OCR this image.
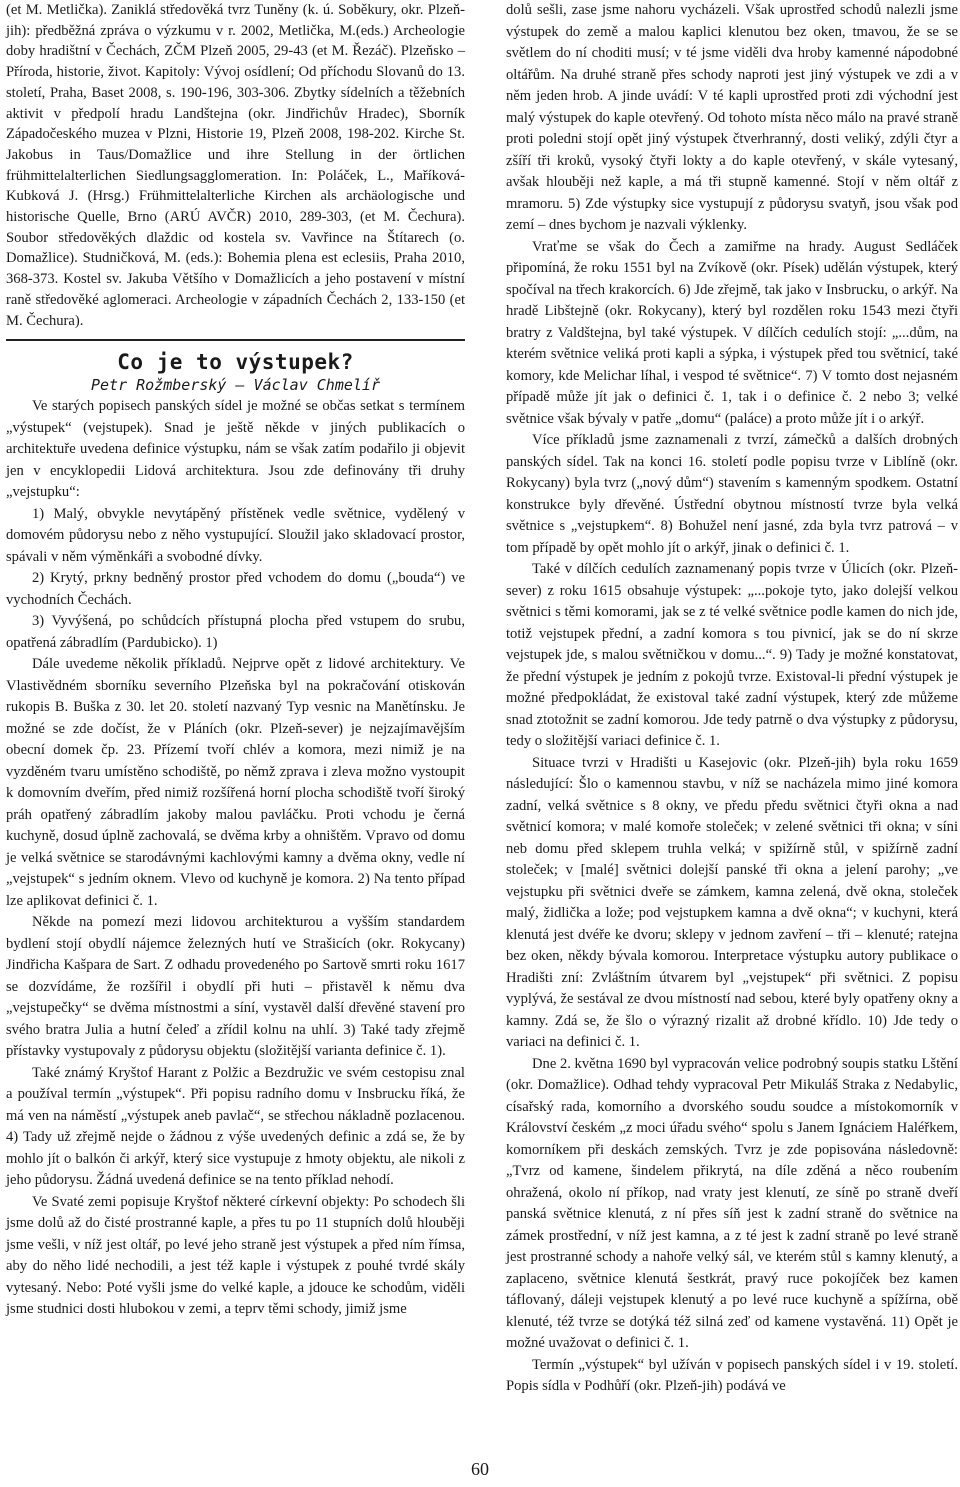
(et M. Metlička). Zaniklá středověká tvrz Tuněny (k. ú. Soběkury, okr. Plzeň-jih): předběžná zpráva o výzkumu v r. 2002, Metlička, M.(eds.) Archeologie doby hradištní v Čechách, ZČM Plzeň 2005, 29-43 (et M. Řezáč). Plzeňsko – Příroda, historie, život. Kapitoly: Vývoj osídlení; Od příchodu Slovanů do 13. století, Praha, Baset 2008, s. 190-196, 303-306. Zbytky sídelních a těžebních aktivit v předpolí hradu Landštejna (okr. Jindřichův Hradec), Sborník Západočeského muzea v Plzni, Historie 19, Plzeň 2008, 198-202. Kirche St. Jakobus in Taus/Domažlice und ihre Stellung in der örtlichen frühmittelalterlichen Siedlungsagglomeration. In: Poláček, L., Maříková-Kubková J. (Hrsg.) Frühmittelalterliche Kirchen als archäologische und historische Quelle, Brno (ARÚ AVČR) 2010, 289-303, (et M. Čechura). Soubor středověkých dlaždic od kostela sv. Vavřince na Štítarech (o. Domažlice). Studničková, M. (eds.): Bohemia plena est eclesiis, Praha 2010, 368-373. Kostel sv. Jakuba Většího v Domažlicích a jeho postavení v místní raně středověké aglomeraci. Archeologie v západních Čechách 2, 133-150 (et M. Čechura).

Co je to výstupek?

Petr Rožmberský – Václav Chmelíř

Ve starých popisech panských sídel je možné se občas setkat s termínem „výstupek“ (vejstupek). Snad je ještě někde v jiných publikacích o architektuře uvedena definice výstupku, nám se však zatím podařilo ji objevit jen v encyklopedii Lidová architektura. Jsou zde definovány tři druhy „vejstupku“:

1) Malý, obvykle nevytápěný přístěnek vedle světnice, vydělený v domovém půdorysu nebo z něho vystupující. Sloužil jako skladovací prostor, spávali v něm výměnkáři a svobodné dívky.

2) Krytý, prkny bedněný prostor před vchodem do domu („bouda“) ve vychodních Čechách.

3) Vyvýšená, po schůdcích přístupná plocha před vstupem do srubu, opatřená zábradlím (Pardubicko). 1)

Dále uvedeme několik příkladů. Nejprve opět z lidové architektury. Ve Vlastivědném sborníku severního Plzeňska byl na pokračování otiskován rukopis B. Buška z 30. let 20. století nazvaný Typ vesnic na Manětínsku. Je možné se zde dočíst, že v Pláních (okr. Plzeň-sever) je nejzajímavějším obecní domek čp. 23. Přízemí tvoří chlév a komora, mezi nimiž je na vyzděném tvaru umístěno schodiště, po němž zprava i zleva možno vystoupit k domovním dveřím, před nimiž rozšířená horní plocha schodiště tvoří široký práh opatřený zábradlím jakoby malou pavláčku. Proti vchodu je černá kuchyně, dosud úplně zachovalá, se dvěma krby a ohništěm. Vpravo od domu je velká světnice se starodávnými kachlovými kamny a dvěma okny, vedle ní „vejstupek“ s jedním oknem. Vlevo od kuchyně je komora. 2) Na tento případ lze aplikovat definici č. 1.

Někde na pomezí mezi lidovou architekturou a vyšším standardem bydlení stojí obydlí nájemce železných hutí ve Strašicích (okr. Rokycany) Jindřicha Kašpara de Sart. Z odhadu provedeného po Sartově smrti roku 1617 se dozvídáme, že rozšířil i obydlí při huti – přistavěl k němu dva „vejstupečky“ se dvěma místnostmi a síní, vystavěl další dřevěné stavení pro svého bratra Julia a hutní čeleď a zřídil kolnu na uhlí. 3) Také tady zřejmě přístavky vystupovaly z půdorysu objektu (složitější varianta definice č. 1).

Také známý Kryštof Harant z Polžic a Bezdružic ve svém cestopisu znal a používal termín „výstupek“. Při popisu radního domu v Insbrucku říká, že má ven na náměstí „výstupek aneb pavlač“, se střechou nákladně pozlacenou. 4) Tady už zřejmě nejde o žádnou z výše uvedených definic a zdá se, že by mohlo jít o balkón či arkýř, který sice vystupuje z hmoty objektu, ale nikoli z jeho půdorysu. Žádná uvedená definice se na tento příklad nehodí.

Ve Svaté zemi popisuje Kryštof některé církevní objekty: Po schodech šli jsme dolů až do čisté prostranné kaple, a přes tu po 11 stupních dolů hlouběji jsme vešli, v níž jest oltář, po levé jeho straně jest výstupek a před ním římsa, aby do něho lidé nechodili, a jest též kaple i výstupek z pouhé tvrdé skály vytesaný. Nebo: Poté vyšli jsme do velké kaple, a jdouce ke schodům, viděli jsme studnici dosti hlubokou v zemi, a teprv těmi schody, jimiž jsme

dolů sešli, zase jsme nahoru vycházeli. Však uprostřed schodů nalezli jsme výstupek do země a malou kaplici klenutou bez oken, tmavou, že se se světlem do ní choditi musí; v té jsme viděli dva hroby kamenné nápodobné oltářům. Na druhé straně přes schody naproti jest jiný výstupek ve zdi a v něm jeden hrob. A jinde uvádí: V té kapli uprostřed proti zdi východní jest malý výstupek do kaple otevřený. Od tohoto místa něco málo na pravé straně proti poledni stojí opět jiný výstupek čtverhranný, dosti veliký, zdýli čtyr a zšíří tři kroků, vysoký čtyři lokty a do kaple otevřený, v skále vytesaný, avšak hlouběji než kaple, a má tři stupně kamenné. Stojí v něm oltář z mramoru. 5) Zde výstupky sice vystupují z půdorysu svatyň, jsou však pod zemí – dnes bychom je nazvali výklenky.

Vraťme se však do Čech a zamiřme na hrady. August Sedláček připomíná, že roku 1551 byl na Zvíkově (okr. Písek) udělán výstupek, který spočíval na třech krakorcích. 6) Jde zřejmě, tak jako v Insbrucku, o arkýř. Na hradě Libštejně (okr. Rokycany), který byl rozdělen roku 1543 mezi čtyři bratry z Valdštejna, byl také výstupek. V dílčích cedulích stojí: „...dům, na kterém světnice veliká proti kapli a sýpka, i výstupek před tou světnicí, také komory, kde Melichar líhal, i vespod té světnice“. 7) V tomto dost nejasném případě může jít jak o definici č. 1, tak i o definice č. 2 nebo 3; velké světnice však bývaly v patře „domu“ (paláce) a proto může jít i o arkýř.

Více příkladů jsme zaznamenali z tvrzí, zámečků a dalších drobných panských sídel. Tak na konci 16. století podle popisu tvrze v Liblíně (okr. Rokycany) byla tvrz („nový dům“) stavením s kamenným spodkem. Ostatní konstrukce byly dřevěné. Ústřední obytnou místností tvrze byla velká světnice s „vejstupkem“. 8) Bohužel není jasné, zda byla tvrz patrová – v tom případě by opět mohlo jít o arkýř, jinak o definici č. 1.

Také v dílčích cedulích zaznamenaný popis tvrze v Úlicích (okr. Plzeň-sever) z roku 1615 obsahuje výstupek: „...pokoje tyto, jako dolejší velkou světnici s těmi komorami, jak se z té velké světnice podle kamen do nich jde, totiž vejstupek přední, a zadní komora s tou pivnicí, jak se do ní skrze vejstupek jde, s malou světničkou v domu...“. 9) Tady je možné konstatovat, že přední výstupek je jedním z pokojů tvrze. Existoval-li přední výstupek je možné předpokládat, že existoval také zadní výstupek, který zde můžeme snad ztotožnit se zadní komorou. Jde tedy patrně o dva výstupky z půdorysu, tedy o složitější variaci definice č. 1.

Situace tvrzi v Hradišti u Kasejovic (okr. Plzeň-jih) byla roku 1659 následující: Šlo o kamennou stavbu, v níž se nacházela mimo jiné komora zadní, velká světnice s 8 okny, ve předu předu světnici čtyři okna a nad světnicí komora; v malé komoře stoleček; v zelené světnici tři okna; v síni neb domu před sklepem truhla velká; v spižírně stůl, v spižírně zadní stoleček; v [malé] světnici dolejší panské tři okna a jelení parohy; „ve vejstupku při světnici dveře se zámkem, kamna zelená, dvě okna, stoleček malý, židlička a lože; pod vejstupkem kamna a dvě okna“; v kuchyni, která klenutá jest dvéře ke dvoru; sklepy v jednom zavření – tři – klenuté; ratejna bez oken, někdy bývala komorou. Interpretace výstupku autory publikace o Hradišti zní: Zvláštním útvarem byl „vejstupek“ při světnici. Z popisu vyplývá, že sestával ze dvou místností nad sebou, které byly opatřeny okny a kamny. Zdá se, že šlo o výrazný rizalit až drobné křídlo. 10) Jde tedy o variaci na definici č. 1.

Dne 2. května 1690 byl vypracován velice podrobný soupis statku Lštění (okr. Domažlice). Odhad tehdy vypracoval Petr Mikuláš Straka z Nedabylic, císařský rada, komorního a dvorského soudu soudce a místokomorník v Království českém „z moci úřadu svého“ spolu s Janem Ignáciem Haléřkem, komorníkem při deskách zemských. Tvrz je zde popisována následovně: „Tvrz od kamene, šindelem přikrytá, na díle zděná a něco roubením ohražená, okolo ní příkop, nad vraty jest klenutí, ze síně po straně dveří panská světnice klenutá, z ní přes síň jest k zadní straně do světnice na zámek prostřední, v níž jest kamna, a z té jest k zadní straně po levé straně jest prostranné schody a nahoře velký sál, ve kterém stůl s kamny klenutý, a zaplaceno, světnice klenutá šestkrát, pravý ruce pokojíček bez kamen táflovaný, dáleji vejstupek klenutý a po levé ruce kuchyně a spížírna, obě klenuté, též tvrze se dotýká též silná zeď od kamene vystavěná. 11) Opět je možné uvažovat o definici č. 1.

Termín „výstupek“ byl užíván v popisech panských sídel i v 19. století. Popis sídla v Podhůří (okr. Plzeň-jih) podává ve

60
